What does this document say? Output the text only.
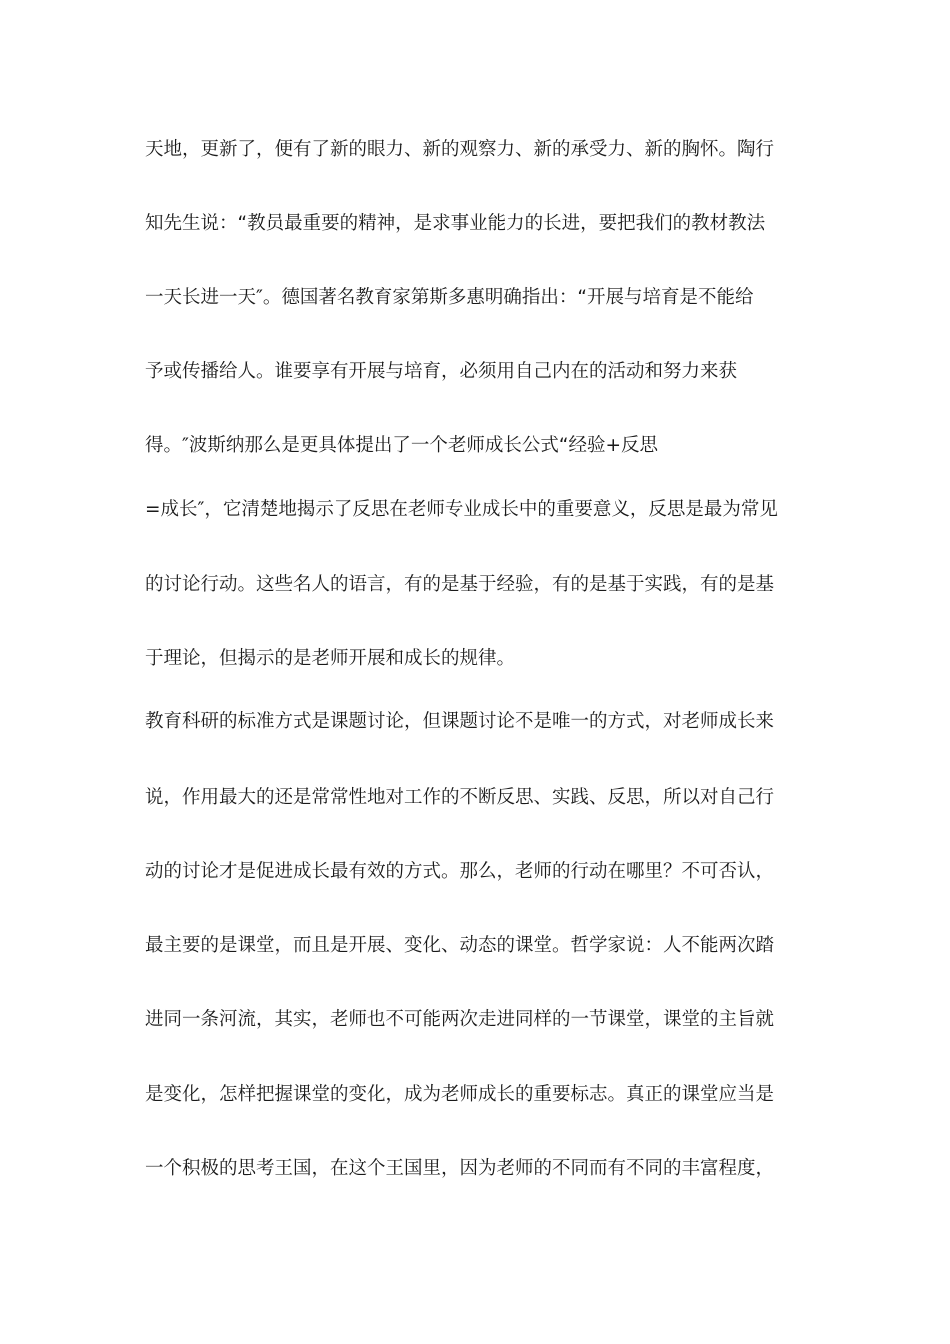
天地，更新了，便有了新的眼力、新的观察力、新的承受力、新的胸怀。陶行
知先生说：“教员最重要的精神，是求事业能力的长进，要把我们的教材教法
一天长进一天″。德国著名教育家第斯多惠明确指出：“开展与培育是不能给
予或传播给人。谁要享有开展与培育，必须用自己内在的活动和努力来获
得。″波斯纳那么是更具体提出了一个老师成长公式“经验+反思
=成长″，它清楚地揭示了反思在老师专业成长中的重要意义，反思是最为常见
的讨论行动。这些名人的语言，有的是基于经验，有的是基于实践，有的是基
于理论，但揭示的是老师开展和成长的规律。
教育科研的标准方式是课题讨论，但课题讨论不是唯一的方式，对老师成长来
说，作用最大的还是常常性地对工作的不断反思、实践、反思，所以对自己行
动的讨论才是促进成长最有效的方式。那么，老师的行动在哪里？不可否认，
最主要的是课堂，而且是开展、变化、动态的课堂。哲学家说：人不能两次踏
进同一条河流，其实，老师也不可能两次走进同样的一节课堂，课堂的主旨就
是变化，怎样把握课堂的变化，成为老师成长的重要标志。真正的课堂应当是
一个积极的思考王国，在这个王国里，因为老师的不同而有不同的丰富程度，
